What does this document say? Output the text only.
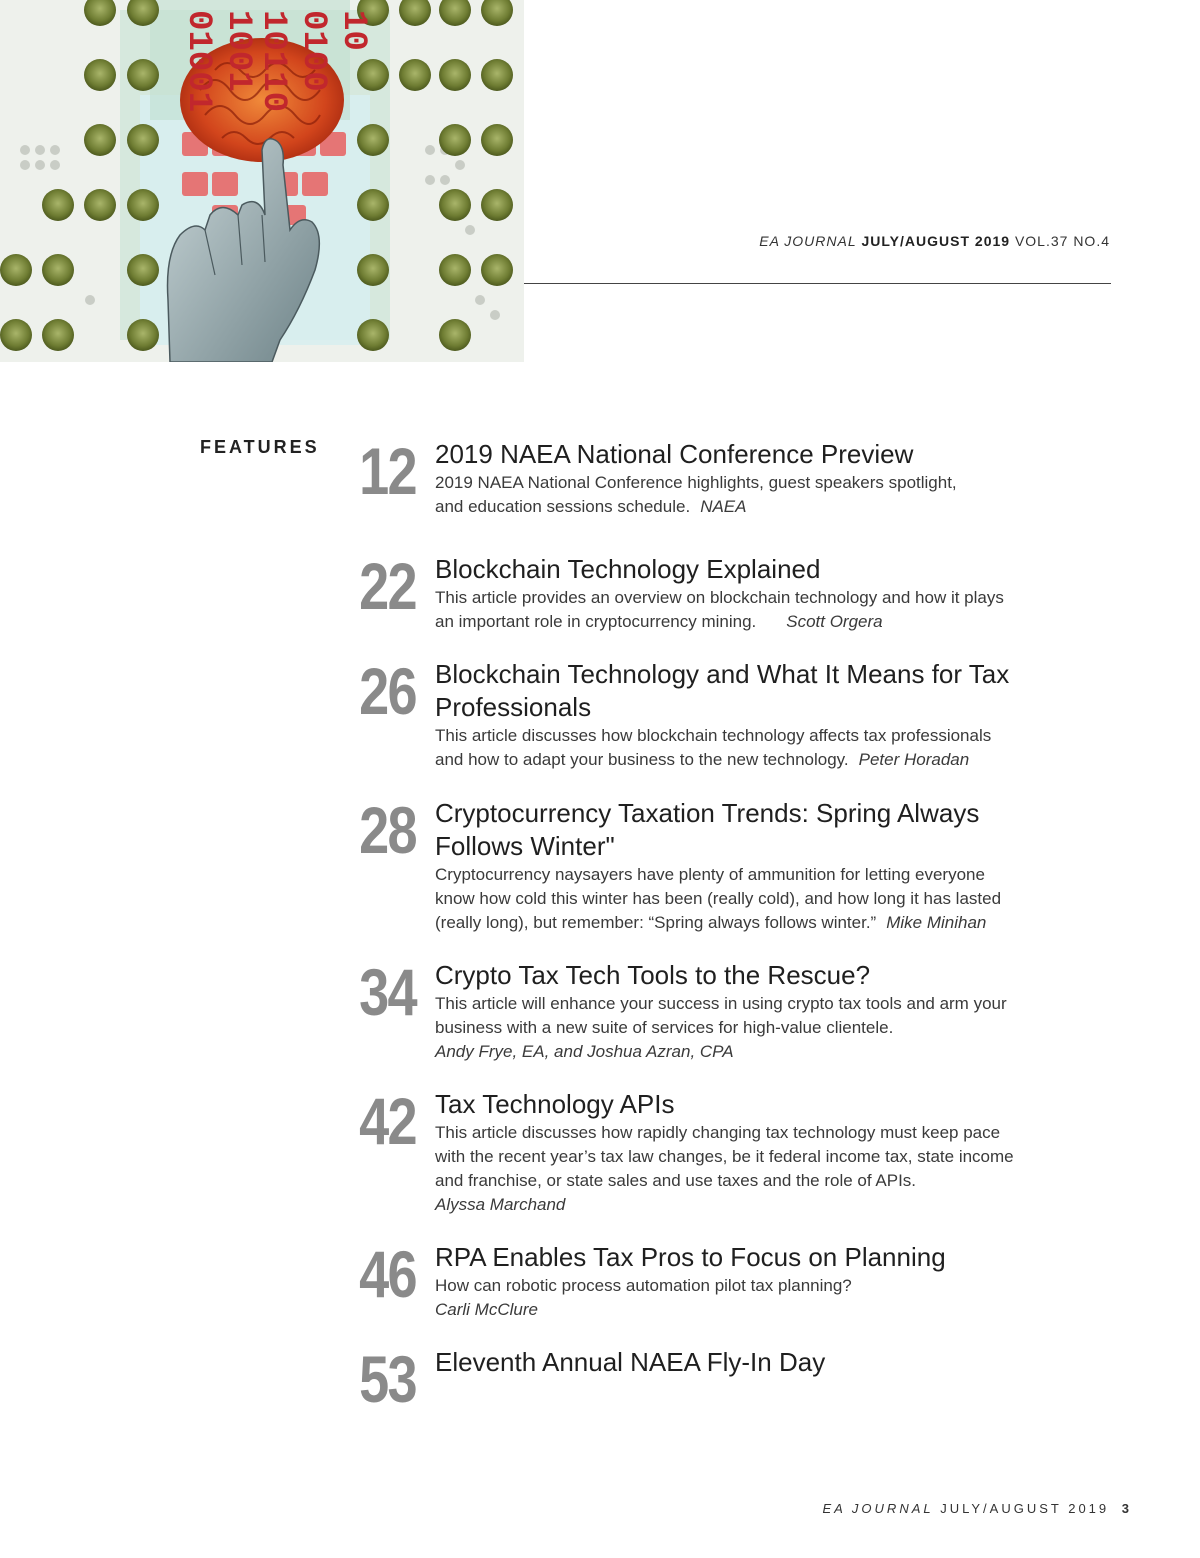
01001 1001
10110 0100 10
EA JOURNAL JULY/AUGUST 2019 VOL.37 NO.4
FEATURES 12 2019 NAEA National Conference Preview

2019 NAEA National Conference highlights, guest speakers spotlight,

and education sessions schedule. NAEA

22 Blockchain Technology Explained

This article provides an overview on blockchain technology and how it plays

an important role in cryptocurrency mining. Scott Orgera

26 Blockchain Technology and What It Means for Tax Professionals

This article discusses how blockchain technology affects tax professionals

and how to adapt your business to the new technology. Peter Horadan

28 Cryptocurrency Taxation Trends: Spring Always Follows Winter"

Cryptocurrency naysayers have plenty of ammunition for letting everyone

know how cold this winter has been (really cold), and how long it has lasted

(really long), but remember: “Spring always follows winter.” Mike Minihan

34 Crypto Tax Tech Tools to the Rescue?

This article will enhance your success in using crypto tax tools and arm your

business with a new suite of services for high-value clientele.

Andy Frye, EA, and Joshua Azran, CPA

42 Tax Technology APIs

This article discusses how rapidly changing tax technology must keep pace

with the recent year’s tax law changes, be it federal income tax, state income

and franchise, or state sales and use taxes and the role of APIs.

Alyssa Marchand

46 RPA Enables Tax Pros to Focus on Planning

How can robotic process automation pilot tax planning?

Carli McClure

53 Eleventh Annual NAEA Fly-In Day

EA JOURNAL JULY/AUGUST 2019 3
